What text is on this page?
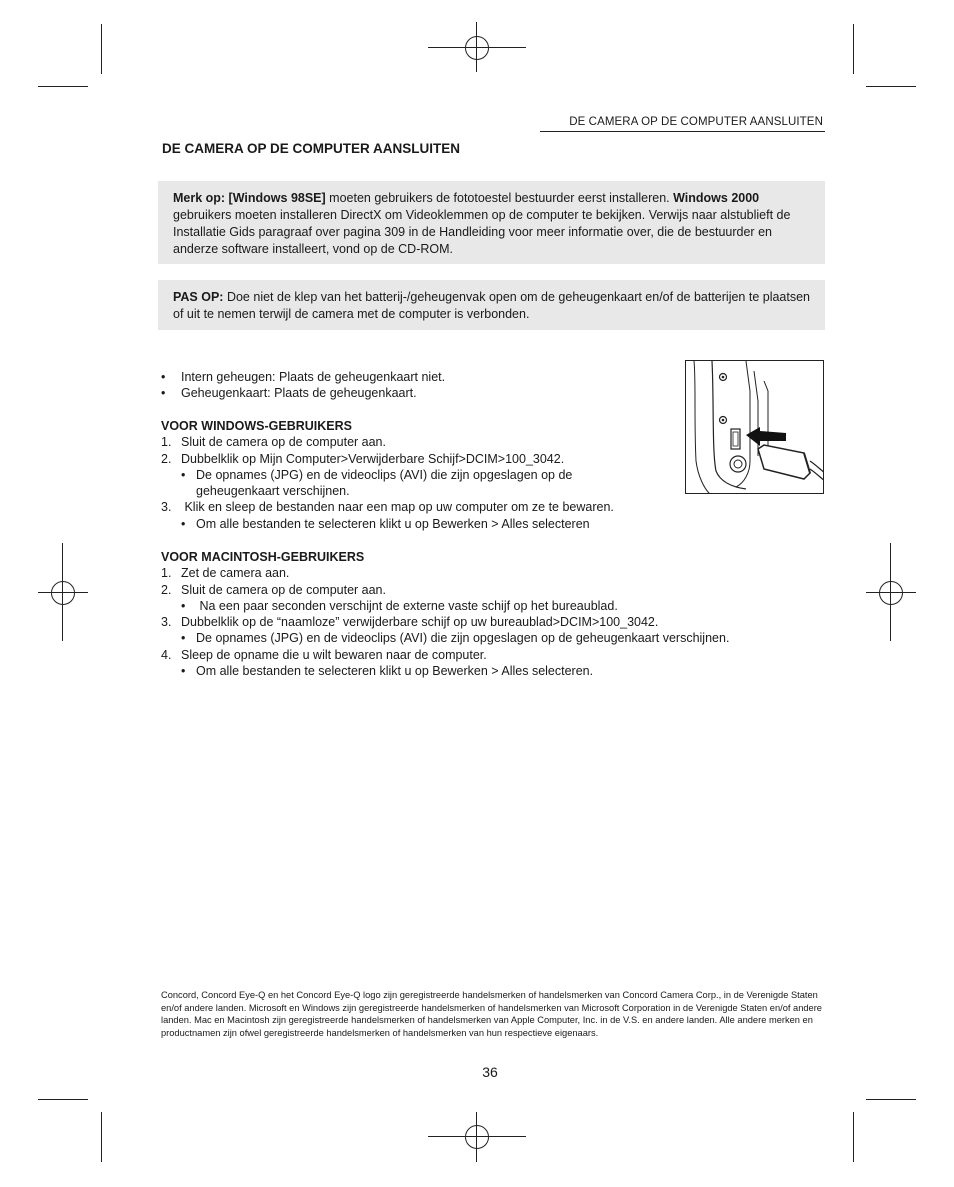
DE CAMERA OP DE COMPUTER AANSLUITEN
DE CAMERA OP DE COMPUTER AANSLUITEN
Merk op: [Windows 98SE] moeten gebruikers de fototoestel bestuurder eerst installeren. Windows 2000 gebruikers moeten installeren DirectX om Videoklemmen op de computer te bekijken. Verwijs naar alstublieft de Installatie Gids paragraaf over pagina 309 in de Handleiding voor meer informatie over, die de bestuurder en anderze software installeert, vond op de CD-ROM.
PAS OP: Doe niet de klep van het batterij-/geheugenvak open om de geheugenkaart en/of de batterijen te plaatsen of uit te nemen terwijl de camera met de computer is verbonden.
• Intern geheugen: Plaats de geheugenkaart niet.
• Geheugenkaart: Plaats de geheugenkaart.
VOOR WINDOWS-GEBRUIKERS
1. Sluit de camera op de computer aan.
2. Dubbelklik op Mijn Computer>Verwijderbare Schijf>DCIM>100_3042.
• De opnames (JPG) en de videoclips (AVI) die zijn opgeslagen op de
geheugenkaart verschijnen.
3. Klik en sleep de bestanden naar een map op uw computer om ze te bewaren.
• Om alle bestanden te selecteren klikt u op Bewerken > Alles selecteren
VOOR MACINTOSH-GEBRUIKERS
1. Zet de camera aan.
2. Sluit de camera op de computer aan.
• Na een paar seconden verschijnt de externe vaste schijf op het bureaublad.
3. Dubbelklik op de “naamloze” verwijderbare schijf op uw bureaublad>DCIM>100_3042.
• De opnames (JPG) en de videoclips (AVI) die zijn opgeslagen op de geheugenkaart verschijnen.
4. Sleep de opname die u wilt bewaren naar de computer.
• Om alle bestanden te selecteren klikt u op Bewerken > Alles selecteren.
Concord, Concord Eye-Q en het Concord Eye-Q logo zijn geregistreerde handelsmerken of handelsmerken van Concord Camera Corp., in de Verenigde Staten en/of andere landen. Microsoft en Windows zijn geregistreerde handelsmerken of handelsmerken van Microsoft Corporation in de Verenigde Staten en/of andere landen. Mac en Macintosh zijn geregistreerde handelsmerken of handelsmerken van Apple Computer, Inc. in de V.S. en andere landen. Alle andere merken en productnamen zijn ofwel geregistreerde handelsmerken of handelsmerken van hun respectieve eigenaars.
36
